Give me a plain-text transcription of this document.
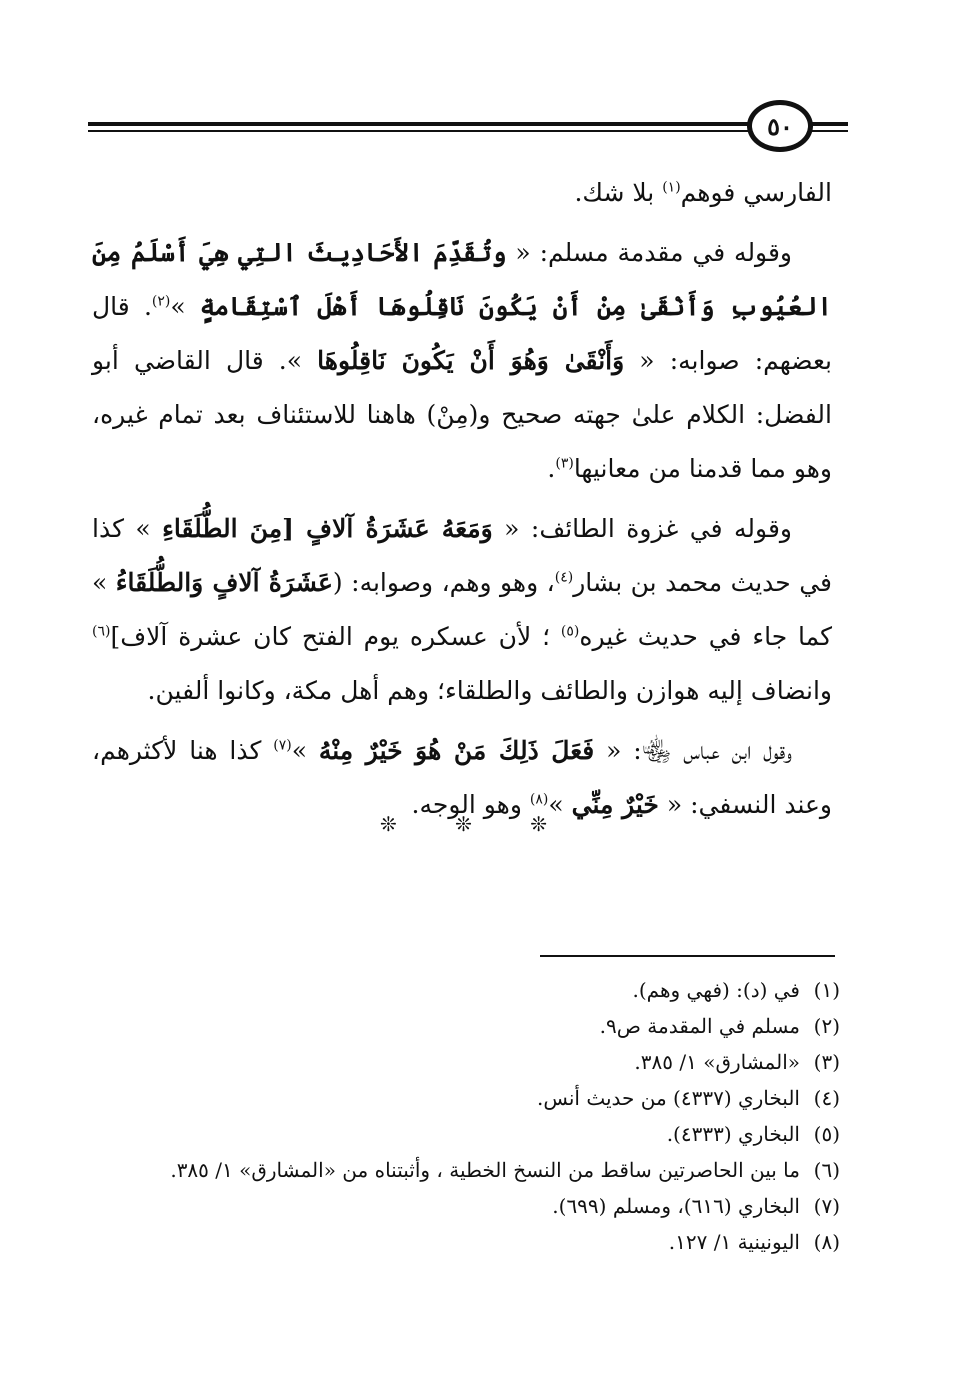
٥٠

الفارسي فوهم$^{(١)}$ بلا شك.

وقوله في مقدمة مسلم: « وتُقَدِّمَ الأَحَادِيثَ التِي هِيَ أَسْلَمُ مِنَ العُيُوبِ وَأَنْقَىٰ مِنْ أَنْ يَكُونَ نَاقِلُوهَا أَهْلَ ٱسْتِقَامةٍ »$^{(٢)}$. قال بعضهم: صوابه: « وَأَنْقَىٰ وَهُوَ أَنْ يَكُونَ نَاقِلُوهَا ». قال القاضي أبو الفضل: الكلام علىٰ جهته صحيح و(مِنْ) هاهنا للاستئناف بعد تمام غيره، وهو مما قدمنا من معانيها$^{(٣)}$.

وقوله في غزوة الطائف: « وَمَعَهُ عَشَرَةُ آلافٍ [مِنَ الطُّلَقَاءِ » كذا في حديث محمد بن بشار$^{(٤)}$، وهو وهم، وصوابه: (عَشَرَةُ آلافٍ وَالطُّلَقَاءُ » كما جاء في حديث غيره$^{(٥)}$ ؛ لأن عسكره يوم الفتح كان عشرة آلاف]$^{(٦)}$ وانضاف إليه هوازن والطائف والطلقاء؛ وهم أهل مكة، وكانوا ألفين.

وقول ابن عباس ﵄: « فَعَلَ ذَلِكَ مَنْ هُوَ خَيْرٌ مِنْهُ »$^{(٧)}$ كذا هنا لأكثرهم، وعند النسفي: « خَيْرٌ مِنِّي »$^{(٨)}$ وهو الوجه.

❊ ❊ ❊

(١)في (د): (فهي وهم).

(٢)مسلم في المقدمة ص٩.

(٣)«المشارق» ١/ ٣٨٥.

(٤)البخاري (٤٣٣٧) من حديث أنس.

(٥)البخاري (٤٣٣٣).

(٦)ما بين الحاصرتين ساقط من النسخ الخطية ، وأثبتناه من «المشارق» ١/ ٣٨٥.

(٧)البخاري (٦١٦)، ومسلم (٦٩٩).

(٨)اليونينية ١/ ١٢٧.
